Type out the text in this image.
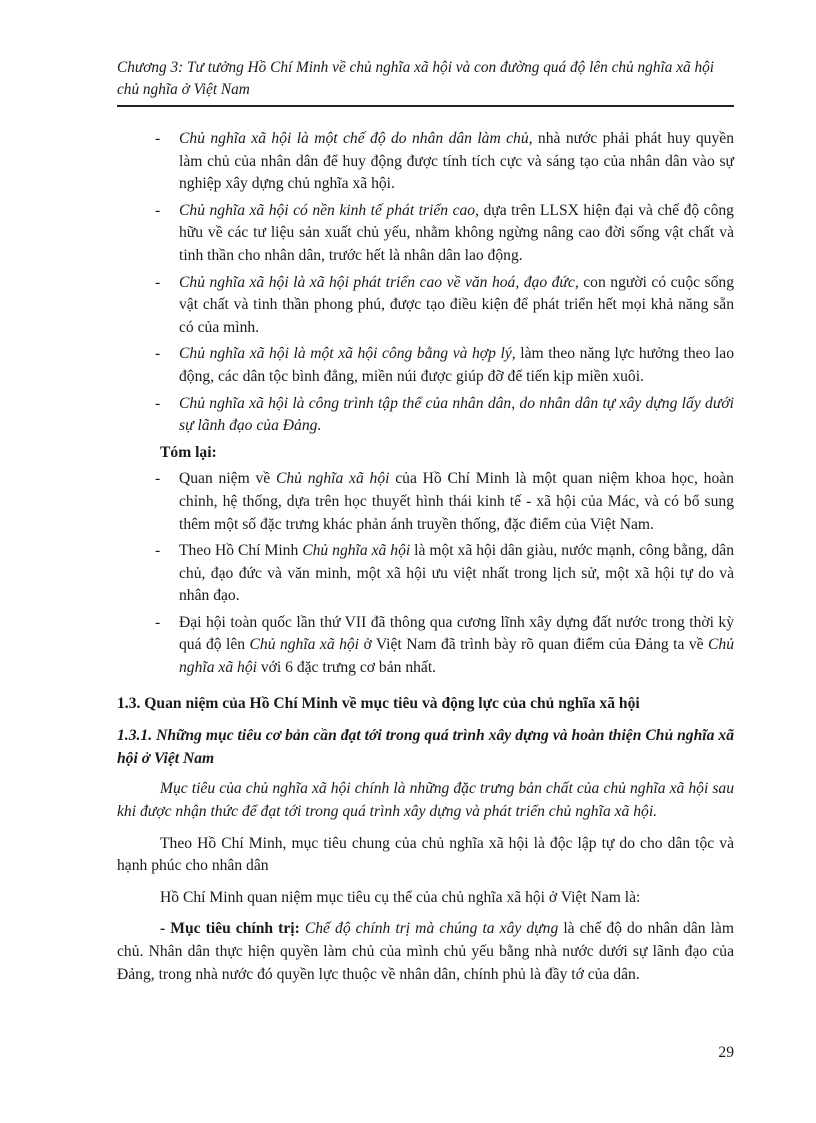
Chương 3: Tư tưởng Hồ Chí Minh về chủ nghĩa xã hội và con đường quá độ lên chủ nghĩa xã hội chủ nghĩa ở Việt Nam
- Chủ nghĩa xã hội là một chế độ do nhân dân làm chủ, nhà nước phải phát huy quyền làm chủ của nhân dân để huy động được tính tích cực và sáng tạo của nhân dân vào sự nghiệp xây dựng chủ nghĩa xã hội.
- Chủ nghĩa xã hội có nền kinh tế phát triển cao, dựa trên LLSX hiện đại và chế độ công hữu về các tư liệu sản xuất chủ yếu, nhằm không ngừng nâng cao đời sống vật chất và tinh thần cho nhân dân, trước hết là nhân dân lao động.
- Chủ nghĩa xã hội là xã hội phát triển cao về văn hoá, đạo đức, con người có cuộc sống vật chất và tinh thần phong phú, được tạo điều kiện để phát triển hết mọi khả năng sẵn có của mình.
- Chủ nghĩa xã hội là một xã hội công bằng và hợp lý, làm theo năng lực hưởng theo lao động, các dân tộc bình đẳng, miền núi được giúp đỡ để tiến kịp miền xuôi.
- Chủ nghĩa xã hội là công trình tập thể của nhân dân, do nhân dân tự xây dựng lấy dưới sự lãnh đạo của Đảng.
Tóm lại:
- Quan niệm về Chủ nghĩa xã hội của Hồ Chí Minh là một quan niệm khoa học, hoàn chỉnh, hệ thống, dựa trên học thuyết hình thái kinh tế - xã hội của Mác, và có bổ sung thêm một số đặc trưng khác phản ánh truyền thống, đặc điểm của Việt Nam.
- Theo Hồ Chí Minh Chủ nghĩa xã hội là một xã hội dân giàu, nước mạnh, công bằng, dân chủ, đạo đức và văn minh, một xã hội ưu việt nhất trong lịch sử, một xã hội tự do và nhân đạo.
- Đại hội toàn quốc lần thứ VII đã thông qua cương lĩnh xây dựng đất nước trong thời kỳ quá độ lên Chủ nghĩa xã hội ở Việt Nam đã trình bày rõ quan điểm của Đảng ta về Chủ nghĩa xã hội với 6 đặc trưng cơ bản nhất.
1.3. Quan niệm của Hồ Chí Minh về mục tiêu và động lực của chủ nghĩa xã hội
1.3.1. Những mục tiêu cơ bản cần đạt tới trong quá trình xây dựng và hoàn thiện Chủ nghĩa xã hội ở Việt Nam
Mục tiêu của chủ nghĩa xã hội chính là những đặc trưng bản chất của chủ nghĩa xã hội sau khi được nhận thức để đạt tới trong quá trình xây dựng và phát triển chủ nghĩa xã hội.
Theo Hồ Chí Minh, mục tiêu chung của chủ nghĩa xã hội là độc lập tự do cho dân tộc và hạnh phúc cho nhân dân
Hồ Chí Minh quan niệm mục tiêu cụ thể của chủ nghĩa xã hội ở Việt Nam là:
- Mục tiêu chính trị: Chế độ chính trị mà chúng ta xây dựng là chế độ do nhân dân làm chủ. Nhân dân thực hiện quyền làm chủ của mình chủ yếu bằng nhà nước dưới sự lãnh đạo của Đảng, trong nhà nước đó quyền lực thuộc về nhân dân, chính phủ là đầy tớ của dân.
29
